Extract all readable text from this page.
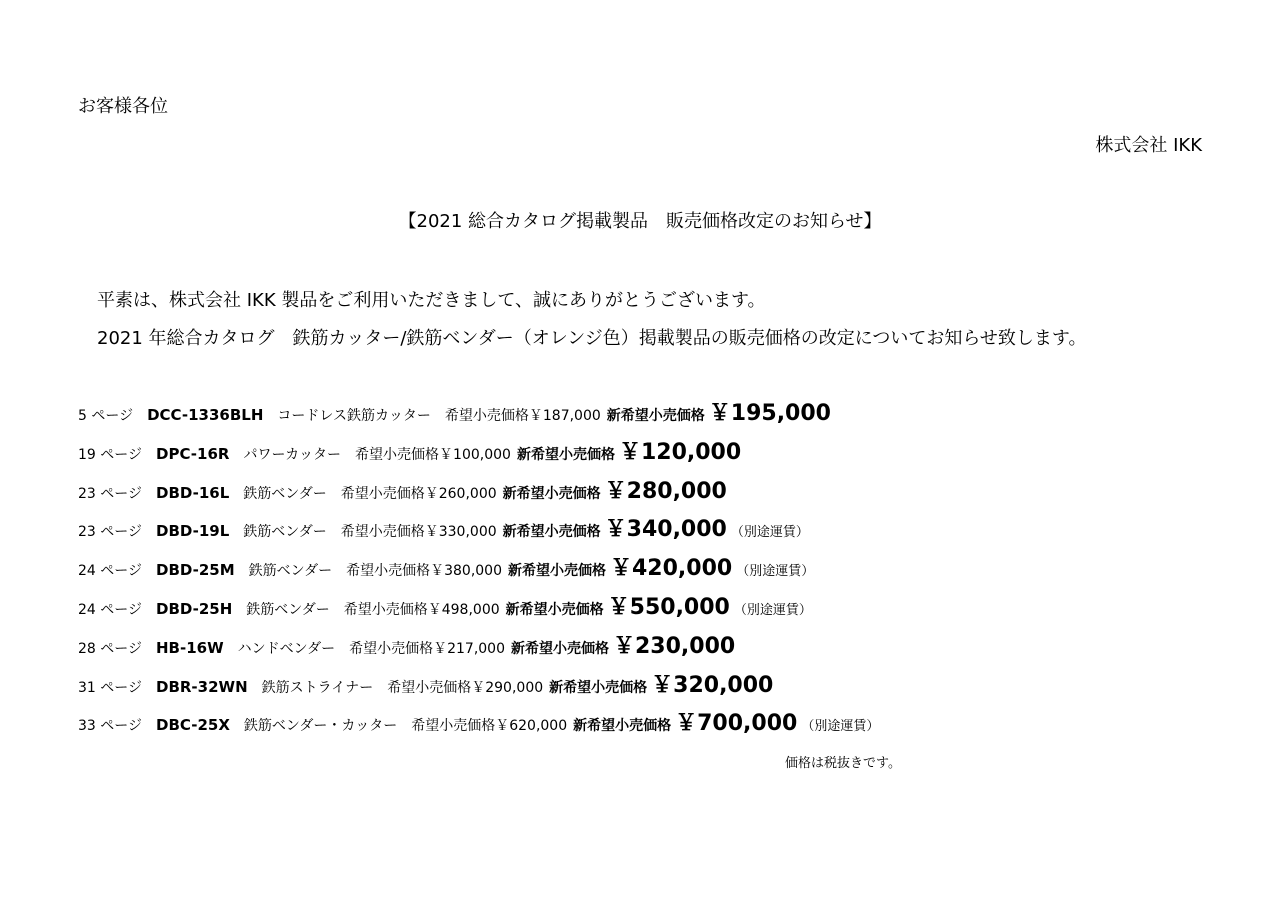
お客様各位
株式会社 IKK
【2021 総合カタログ掲載製品　販売価格改定のお知らせ】
平素は、株式会社 IKK 製品をご利用いただきまして、誠にありがとうございます。
2021 年総合カタログ　鉄筋カッター/鉄筋ベンダー（オレンジ色）掲載製品の販売価格の改定についてお知らせ致します。
5 ページ DCC-1336BLH コードレス鉄筋カッター 希望小売価格￥187,000 新希望小売価格 ￥195,000
19 ページ DPC-16R パワーカッター 希望小売価格￥100,000 新希望小売価格 ￥120,000
23 ページ DBD-16L 鉄筋ベンダー 希望小売価格￥260,000 新希望小売価格 ￥280,000
23 ページ DBD-19L 鉄筋ベンダー 希望小売価格￥330,000 新希望小売価格 ￥340,000 （別途運賃）
24 ページ DBD-25M 鉄筋ベンダー 希望小売価格￥380,000 新希望小売価格 ￥420,000 （別途運賃）
24 ページ DBD-25H 鉄筋ベンダー 希望小売価格￥498,000 新希望小売価格 ￥550,000 （別途運賃）
28 ページ HB-16W ハンドベンダー 希望小売価格￥217,000 新希望小売価格 ￥230,000
31 ページ DBR-32WN 鉄筋ストライナー 希望小売価格￥290,000 新希望小売価格 ￥320,000
33 ページ DBC-25X 鉄筋ベンダー・カッター 希望小売価格￥620,000 新希望小売価格 ￥700,000 （別途運賃）
価格は税抜きです。
